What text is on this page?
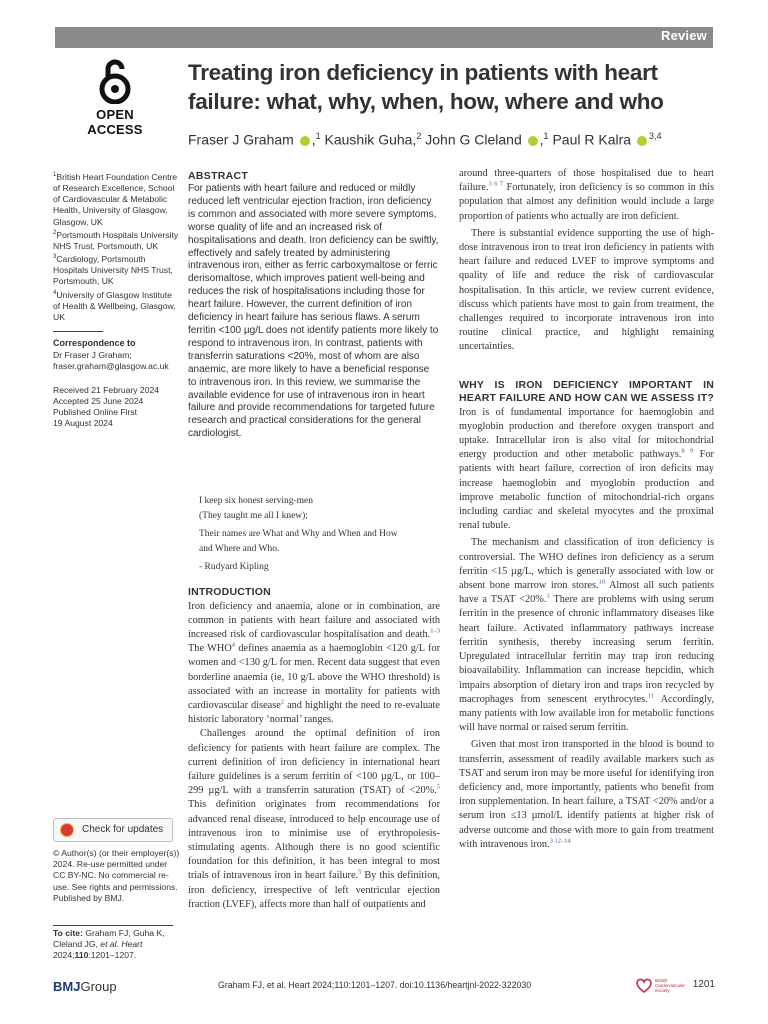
Review
OPEN ACCESS
Treating iron deficiency in patients with heart failure: what, why, when, how, where and who
Fraser J Graham ,$^1$ Kaushik Guha,$^2$ John G Cleland ,$^1$ Paul R Kalra $^{3,4}$

$^1$British Heart Foundation Centre of Research Excellence, School of Cardiovascular & Metabolic Health, University of Glasgow, Glasgow, UK

$^2$Portsmouth Hospitals University NHS Trust, Portsmouth, UK

$^3$Cardiology, Portsmouth Hospitals University NHS Trust, Portsmouth, UK

$^4$University of Glasgow Institute of Health & Wellbeing, Glasgow, UK

Correspondence to

Dr Fraser J Graham;

fraser.graham@glasgow.ac.uk

Received 21 February 2024

Accepted 25 June 2024

Published Online First

19 August 2024

Check for updates

© Author(s) (or their employer(s)) 2024. Re-use permitted under CC BY-NC. No commercial re-use. See rights and permissions. Published by BMJ.

To cite: Graham FJ, Guha K, Cleland JG, et al. Heart 2024;110:1201–1207.
ABSTRACT

For patients with heart failure and reduced or mildly reduced left ventricular ejection fraction, iron deficiency is common and associated with more severe symptoms, worse quality of life and an increased risk of hospitalisations and death. Iron deficiency can be swiftly, effectively and safely treated by administering intravenous iron, either as ferric carboxymaltose or ferric derisomaltose, which improves patient well-being and reduces the risk of hospitalisations including those for heart failure. However, the current definition of iron deficiency in heart failure has serious flaws. A serum ferritin <100 µg/L does not identify patients more likely to respond to intravenous iron. In contrast, patients with transferrin saturations <20%, most of whom are also anaemic, are more likely to have a beneficial response to intravenous iron. In this review, we summarise the available evidence for use of intravenous iron in heart failure and provide recommendations for targeted future research and practical considerations for the general cardiologist.

I keep six honest serving-men

(They taught me all I knew);

Their names are What and Why and When and How

and Where and Who.

- Rudyard Kipling

INTRODUCTION

Iron deficiency and anaemia, alone or in combination, are common in patients with heart failure and associated with increased risk of cardiovascular hospitalisation and death.$^{1-3}$ The WHO$^4$ defines anaemia as a haemoglobin <120 g/L for women and <130 g/L for men. Recent data suggest that even borderline anaemia (ie, 10 g/L above the WHO threshold) is associated with an increase in mortality for patients with cardiovascular disease$^2$ and highlight the need to re-evaluate historic laboratory ‘normal’ ranges.

Challenges around the optimal definition of iron deficiency for patients with heart failure are complex. The current definition of iron deficiency in international heart failure guidelines is a serum ferritin of <100 µg/L, or 100–299 µg/L with a transferrin saturation (TSAT) of <20%.$^5$ This definition originates from recommendations for advanced renal disease, introduced to help encourage use of intravenous iron to minimise use of erythropoiesis-stimulating agents. Although there is no good scientific foundation for this definition, it has been integral to most trials of intravenous iron in heart failure.$^5$ By this definition, iron deficiency, irrespective of left ventricular ejection fraction (LVEF), affects more than half of outpatients and

around three-quarters of those hospitalised due to heart failure.$^{3 6 7}$ Fortunately, iron deficiency is so common in this population that almost any definition would include a large proportion of patients who actually are iron deficient.

There is substantial evidence supporting the use of high-dose intravenous iron to treat iron deficiency in patients with heart failure and reduced LVEF to improve symptoms and quality of life and reduce the risk of cardiovascular hospitalisation. In this article, we review current evidence, discuss which patients have most to gain from treatment, the challenges required to incorporate intravenous iron into routine clinical practice, and highlight remaining uncertainties.

WHY IS IRON DEFICIENCY IMPORTANT IN HEART FAILURE AND HOW CAN WE ASSESS IT?

Iron is of fundamental importance for haemoglobin and myoglobin production and therefore oxygen transport and uptake. Intracellular iron is also vital for mitochondrial energy production and other metabolic pathways.$^{8 9}$ For patients with heart failure, correction of iron deficits may increase haemoglobin and myoglobin production and improve metabolic function of mitochondrial-rich organs including cardiac and skeletal myocytes and the proximal renal tubule.

The mechanism and classification of iron deficiency is controversial. The WHO defines iron deficiency as a serum ferritin <15 µg/L, which is generally associated with low or absent bone marrow iron stores.$^{10}$ Almost all such patients have a TSAT <20%.$^3$ There are problems with using serum ferritin in the presence of chronic inflammatory diseases like heart failure. Activated inflammatory pathways increase ferritin synthesis, thereby increasing serum ferritin. Upregulated intracellular ferritin may trap iron reducing bioavailability. Inflammation can increase hepcidin, which impairs absorption of dietary iron and traps iron recycled by macrophages from senescent erythrocytes.$^{11}$ Accordingly, many patients with low available iron for metabolic functions will have normal or raised serum ferritin.

Given that most iron transported in the blood is bound to transferrin, assessment of readily available markers such as TSAT and serum iron may be more useful for identifying iron deficiency and, more importantly, patients who benefit from iron supplementation. In heart failure, a TSAT <20% and/or a serum iron ≤13 µmol/L identify patients at higher risk of adverse outcome and those with more to gain from treatment with intravenous iron.$^{3 12-14}$

BMJGroup	Graham FJ, et al. Heart 2024;110:1201–1207. doi:10.1136/heartjnl-2022-322030	British Cardiovascular Society
1201
